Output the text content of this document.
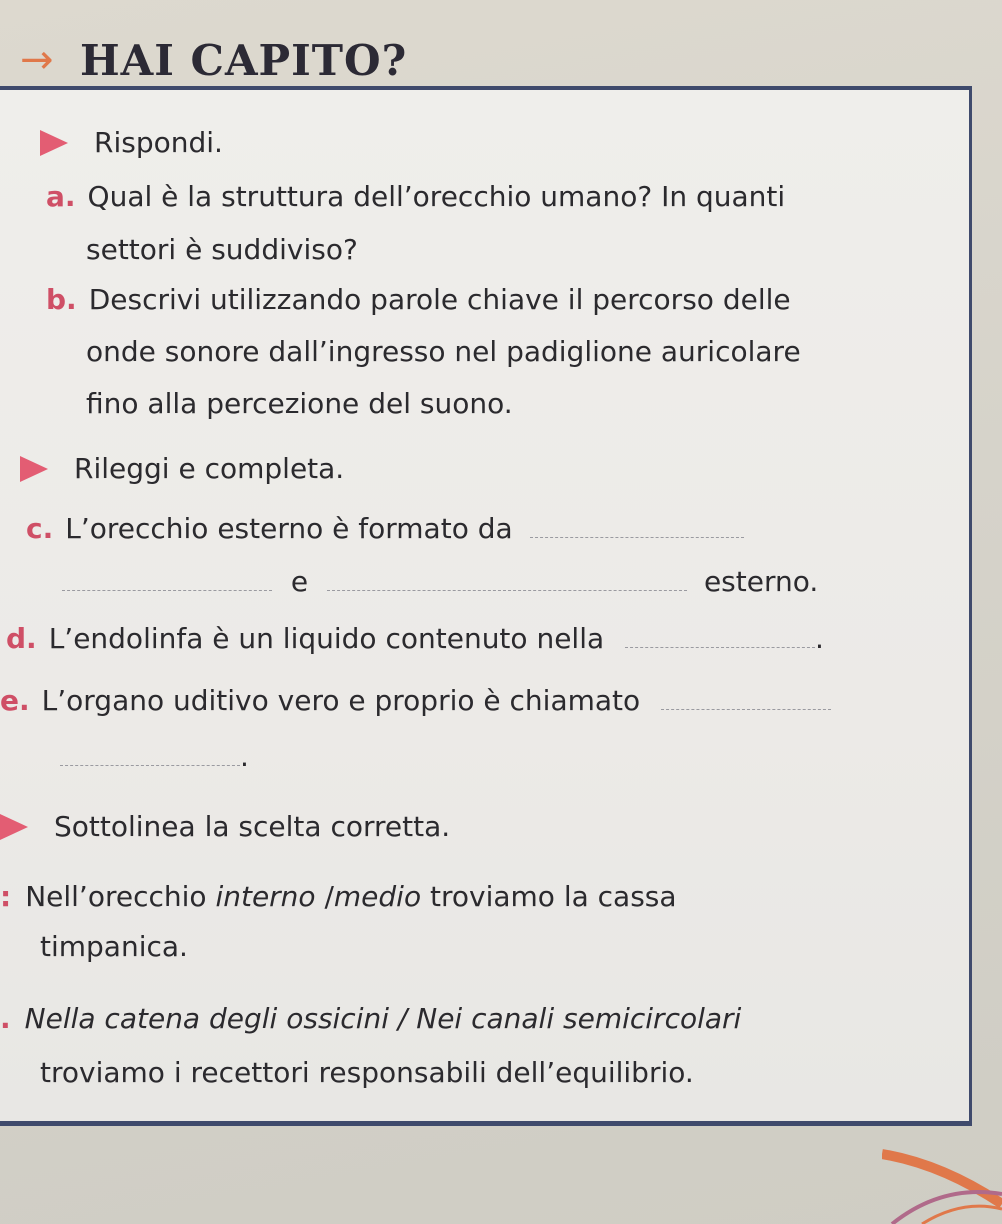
→ HAI CAPITO?
Rispondi.
a. Qual è la struttura dell’orecchio umano? In quanti
settori è suddiviso?
b. Descrivi utilizzando parole chiave il percorso delle
onde sonore dall’ingresso nel padiglione auricolare
fino alla percezione del suono.
Rileggi e completa.
c. L’orecchio esterno è formato da
e	esterno.
d. L’endolinfa è un liquido contenuto nella	.
e. L’organo uditivo vero e proprio è chiamato
.
Sottolinea la scelta corretta.
: Nell’orecchio interno /medio troviamo la cassa
timpanica.
. Nella catena degli ossicini / Nei canali semicircolari
troviamo i recettori responsabili dell’equilibrio.
